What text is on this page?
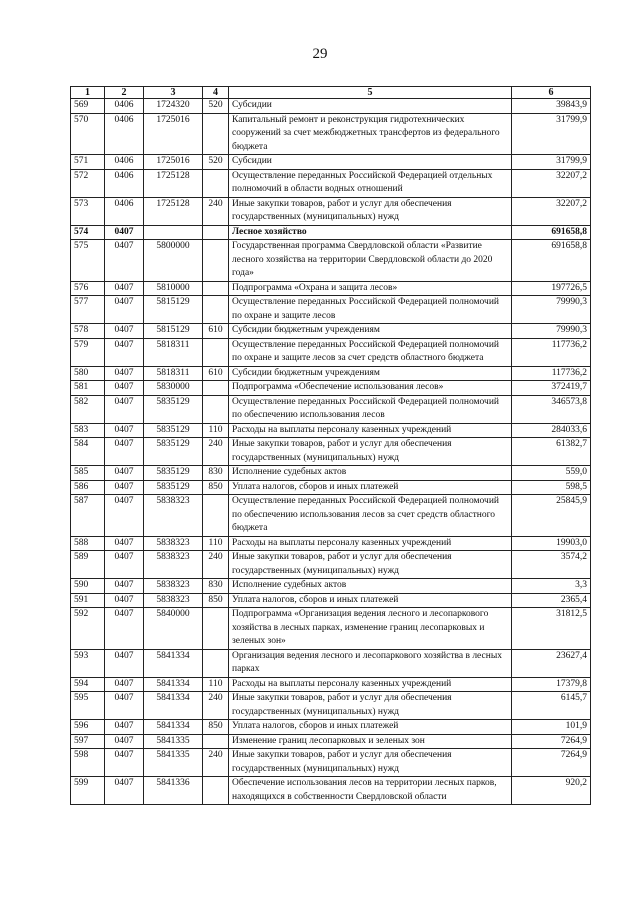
29
1	2	3	4	5	6
569	0406	1724320	520	Субсидии	39843,9
570	0406	1725016		Капитальный ремонт и реконструкция гидротехнических сооружений за счет межбюджетных трансфертов из федерального бюджета	31799,9
571	0406	1725016	520	Субсидии	31799,9
572	0406	1725128		Осуществление переданных Российской Федерацией отдельных полномочий в области водных отношений	32207,2
573	0406	1725128	240	Иные закупки товаров, работ и услуг для обеспечения государственных (муниципальных) нужд	32207,2
574	0407			Лесное хозяйство	691658,8
575	0407	5800000		Государственная программа Свердловской области «Развитие лесного хозяйства на территории Свердловской области до 2020 года»	691658,8
576	0407	5810000		Подпрограмма «Охрана и защита лесов»	197726,5
577	0407	5815129		Осуществление переданных Российской Федерацией полномочий по охране и защите лесов	79990,3
578	0407	5815129	610	Субсидии бюджетным учреждениям	79990,3
579	0407	5818311		Осуществление переданных Российской Федерацией полномочий по охране и защите лесов за счет средств областного бюджета	117736,2
580	0407	5818311	610	Субсидии бюджетным учреждениям	117736,2
581	0407	5830000		Подпрограмма «Обеспечение использования лесов»	372419,7
582	0407	5835129		Осуществление переданных Российской Федерацией полномочий по обеспечению использования лесов	346573,8
583	0407	5835129	110	Расходы на выплаты персоналу казенных учреждений	284033,6
584	0407	5835129	240	Иные закупки товаров, работ и услуг для обеспечения государственных (муниципальных) нужд	61382,7
585	0407	5835129	830	Исполнение судебных актов	559,0
586	0407	5835129	850	Уплата налогов, сборов и иных платежей	598,5
587	0407	5838323		Осуществление переданных Российской Федерацией полномочий по обеспечению использования лесов за счет средств областного бюджета	25845,9
588	0407	5838323	110	Расходы на выплаты персоналу казенных учреждений	19903,0
589	0407	5838323	240	Иные закупки товаров, работ и услуг для обеспечения государственных (муниципальных) нужд	3574,2
590	0407	5838323	830	Исполнение судебных актов	3,3
591	0407	5838323	850	Уплата налогов, сборов и иных платежей	2365,4
592	0407	5840000		Подпрограмма «Организация ведения лесного и лесопаркового хозяйства в лесных парках, изменение границ лесопарковых и зеленых зон»	31812,5
593	0407	5841334		Организация ведения лесного и лесопаркового хозяйства в лесных парках	23627,4
594	0407	5841334	110	Расходы на выплаты персоналу казенных учреждений	17379,8
595	0407	5841334	240	Иные закупки товаров, работ и услуг для обеспечения государственных (муниципальных) нужд	6145,7
596	0407	5841334	850	Уплата налогов, сборов и иных платежей	101,9
597	0407	5841335		Изменение границ лесопарковых и зеленых зон	7264,9
598	0407	5841335	240	Иные закупки товаров, работ и услуг для обеспечения государственных (муниципальных) нужд	7264,9
599	0407	5841336		Обеспечение использования лесов на территории лесных парков, находящихся в собственности Свердловской области	920,2
